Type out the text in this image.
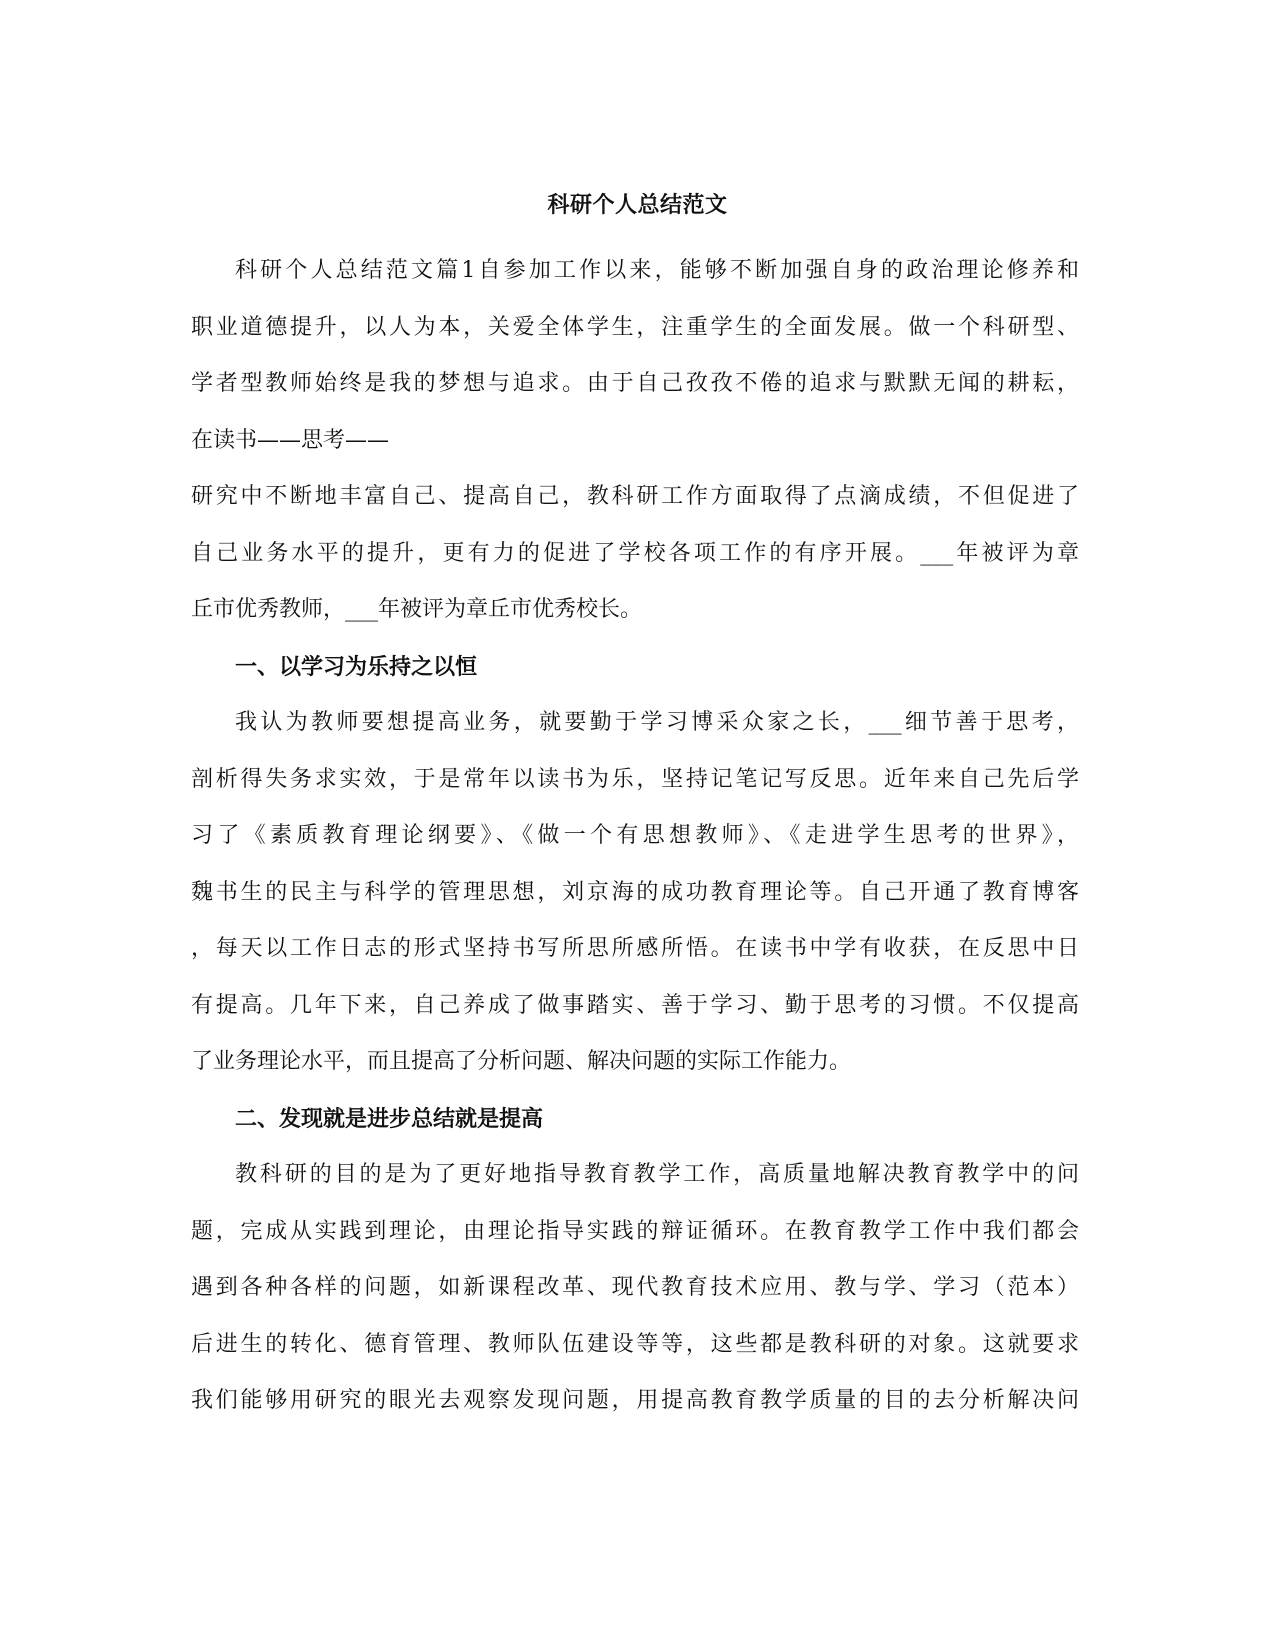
科研个人总结范文
科研个人总结范文篇1自参加工作以来，能够不断加强自身的政治理论修养和
职业道德提升，以人为本，关爱全体学生，注重学生的全面发展。做一个科研型、
学者型教师始终是我的梦想与追求。由于自己孜孜不倦的追求与默默无闻的耕耘，
在读书——思考——
研究中不断地丰富自己、提高自己，教科研工作方面取得了点滴成绩，不但促进了
自己业务水平的提升，更有力的促进了学校各项工作的有序开展。___年被评为章
丘市优秀教师，___年被评为章丘市优秀校长。
一、以学习为乐持之以恒
我认为教师要想提高业务，就要勤于学习博采众家之长，___细节善于思考，
剖析得失务求实效，于是常年以读书为乐，坚持记笔记写反思。近年来自己先后学
习了《素质教育理论纲要》、《做一个有思想教师》、《走进学生思考的世界》，
魏书生的民主与科学的管理思想，刘京海的成功教育理论等。自己开通了教育博客
，每天以工作日志的形式坚持书写所思所感所悟。在读书中学有收获，在反思中日
有提高。几年下来，自己养成了做事踏实、善于学习、勤于思考的习惯。不仅提高
了业务理论水平，而且提高了分析问题、解决问题的实际工作能力。
二、发现就是进步总结就是提高
教科研的目的是为了更好地指导教育教学工作，高质量地解决教育教学中的问
题，完成从实践到理论，由理论指导实践的辩证循环。在教育教学工作中我们都会
遇到各种各样的问题，如新课程改革、现代教育技术应用、教与学、学习（范本）
后进生的转化、德育管理、教师队伍建设等等，这些都是教科研的对象。这就要求
我们能够用研究的眼光去观察发现问题，用提高教育教学质量的目的去分析解决问
